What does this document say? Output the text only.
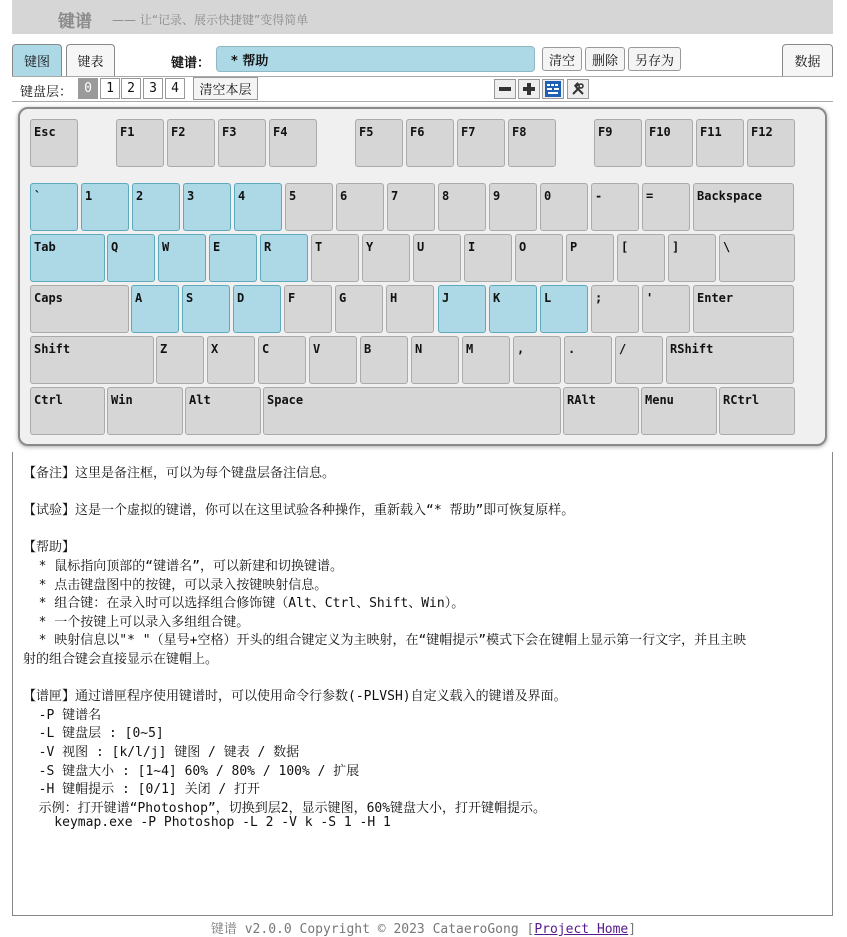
键谱 —— 让“记录、展示快捷键”变得简单
键图	键表	数据
键谱：
* 帮助	清空	删除	另存为
键盘层： 0	1	2	3	4	清空本层
Esc	F1	F2	F3	F4	F5	F6	F7	F8	F9	F10	F11	F12
`	1	2	3	4	5	6	7	8	9	0	-	=	Backspace
Tab	Q	W	E	R	T	Y	U	I	O	P	[	]	\
Caps	A	S	D	F	G	H	J	K	L	;	'	Enter
Shift	Z	X	C	V	B	N	M	,	.	/	RShift
Ctrl	Win	Alt	Space	RAlt	Menu	RCtrl
【备注】这里是备注框，可以为每个键盘层备注信息。
【试验】这是一个虚拟的键谱，你可以在这里试验各种操作，重新载入“* 帮助”即可恢复原样。
【帮助】
* 鼠标指向顶部的“键谱名”，可以新建和切换键谱。
* 点击键盘图中的按键，可以录入按键映射信息。
* 组合键：在录入时可以选择组合修饰键（Alt、Ctrl、Shift、Win）。
* 一个按键上可以录入多组组合键。
* 映射信息以"* "（星号+空格）开头的组合键定义为主映射，在“键帽提示”模式下会在键帽上显示第一行文字，并且主映
射的组合键会直接显示在键帽上。
【谱匣】通过谱匣程序使用键谱时，可以使用命令行参数(-PLVSH)自定义载入的键谱及界面。
-P 键谱名
-L 键盘层 : [0~5]
-V 视图 : [k/l/j] 键图 / 键表 / 数据
-S 键盘大小 : [1~4] 60% / 80% / 100% / 扩展
-H 键帽提示 : [0/1] 关闭 / 打开
示例：打开键谱“Photoshop”，切换到层2，显示键图，60%键盘大小，打开键帽提示。
keymap.exe -P Photoshop -L 2 -V k -S 1 -H 1
键谱 v2.0.0 Copyright © 2023 CataeroGong [Project Home]
